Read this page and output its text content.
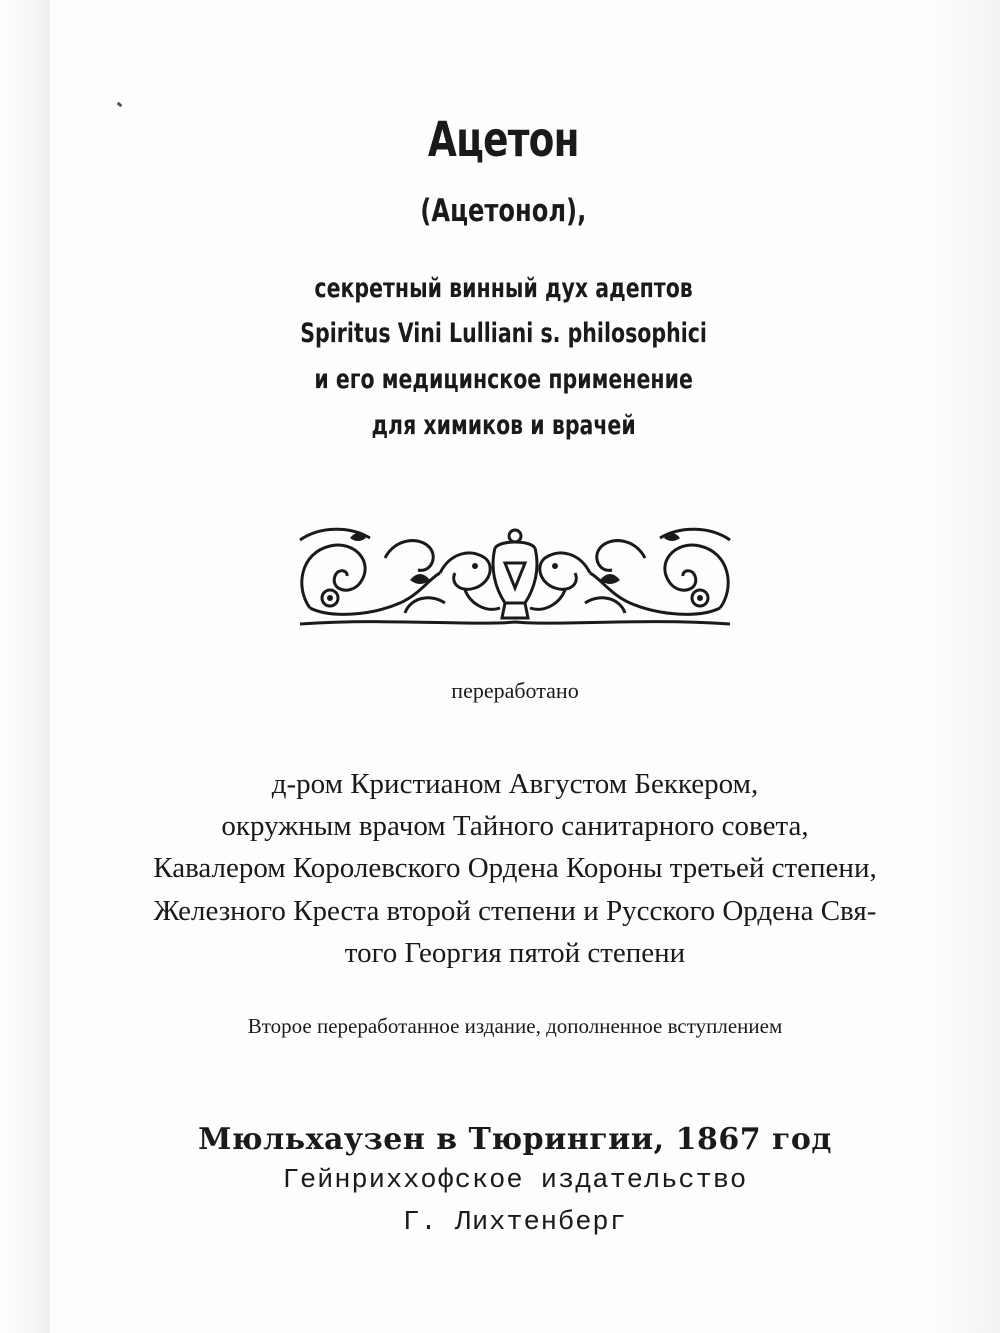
Ацетон
(Ацетонол),
секретный винный дух адептов
Spiritus Vini Lulliani s. philosophici
и его медицинское применение
для химиков и врачей
переработано
д-ром Кристианом Августом Беккером,
окружным врачом Тайного санитарного совета,
Кавалером Королевского Ордена Короны третьей степени,
Железного Креста второй степени и Русского Ордена Свя-
того Георгия пятой степени
Второе переработанное издание, дополненное вступлением
Мюльхаузен в Тюрингии, 1867 год
Гейнриххофское издательство
Г. Лихтенберг
